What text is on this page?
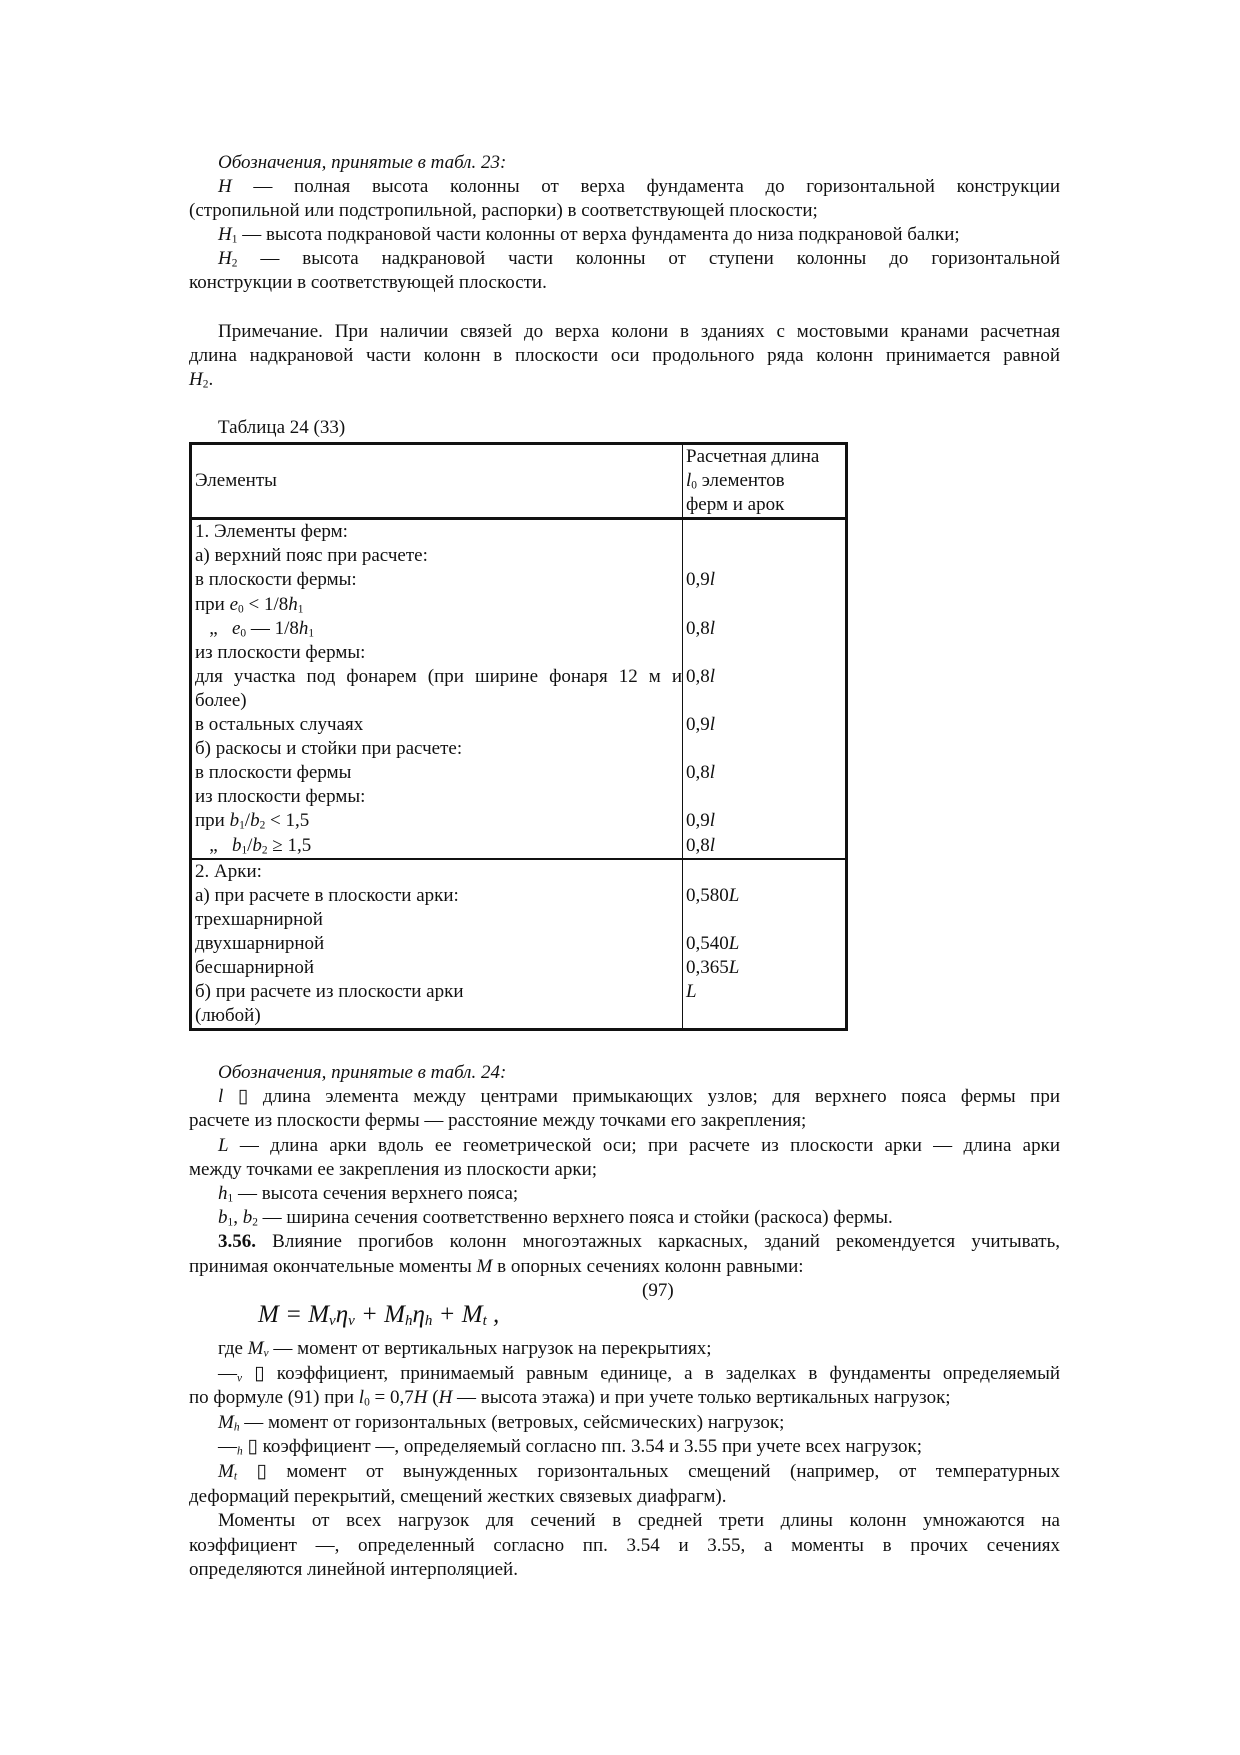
Обозначения, принятые в табл. 23:
H — полная высота колонны от верха фундамента до горизонтальной конструкции
(стропильной или подстропильной, распорки) в соответствующей плоскости;
$H_1$ — высота подкрановой части колонны от верха фундамента до низа подкрановой балки;
$H_2$ — высота надкрановой части колонны от ступени колонны до горизонтальной
конструкции в соответствующей плоскости.

Примечание. При наличии связей до верха колони в зданиях с мостовыми кранами расчетная
длина надкрановой части колонн в плоскости оси продольного ряда колонн принимается равной
$H_2$.

Таблица 24 (33)
Элементы
Расчетная длина
$l_0$ элементов
ферм и арок
1. Элементы ферм:
а) верхний пояс при расчете:
в плоскости фермы:
при $e_0 < 1/8h_1$
„   $e_0$ — $1/8h_1$
из плоскости фермы:
для участка под фонарем (при ширине фонаря 12 м и
более)
в остальных случаях
б) раскосы и стойки при расчете:
в плоскости фермы
из плоскости фермы:
при $b_1/b_2 < 1,5$
„   $b_1/b_2 \ge 1,5$

0,9l

0,8l

0,8l

0,9l

0,8l

0,9l
0,8l
2. Арки:
а) при расчете в плоскости арки:
трехшарнирной
двухшарнирной
бесшарнирной
б) при расчете из плоскости арки
(любой)

0,580L

0,540L
0,365L
L

Обозначения, принятые в табл. 24:
l ▯ длина элемента между центрами примыкающих узлов; для верхнего пояса фермы при
расчете из плоскости фермы — расстояние между точками его закрепления;
L — длина арки вдоль ее геометрической оси; при расчете из плоскости арки — длина арки
между точками ее закрепления из плоскости арки;
$h_1$ — высота сечения верхнего пояса;
$b_1$, $b_2$ — ширина сечения соответственно верхнего пояса и стойки (раскоса) фермы.
3.56. Влияние прогибов колонн многоэтажных каркасных, зданий рекомендуется учитывать,
принимая окончательные моменты M в опорных сечениях колонн равными:
(97)
$M = M_v\eta_v + M_h\eta_h + M_t$ ,
где $M_v$ — момент от вертикальных нагрузок на перекрытиях;
$—_v$ ▯ коэффициент, принимаемый равным единице, а в заделках в фундаменты определяемый
по формуле (91) при $l_0 = 0,7H$ (H — высота этажа) и при учете только вертикальных нагрузок;
$M_h$ — момент от горизонтальных (ветровых, сейсмических) нагрузок;
$—_h$ ▯ коэффициент —, определяемый согласно пп. 3.54 и 3.55 при учете всех нагрузок;
$M_t$ ▯ момент от вынужденных горизонтальных смещений (например, от температурных
деформаций перекрытий, смещений жестких связевых диафрагм).
Моменты от всех нагрузок для сечений в средней трети длины колонн умножаются на
коэффициент —, определенный согласно пп. 3.54 и 3.55, а моменты в прочих сечениях
определяются линейной интерполяцией.
